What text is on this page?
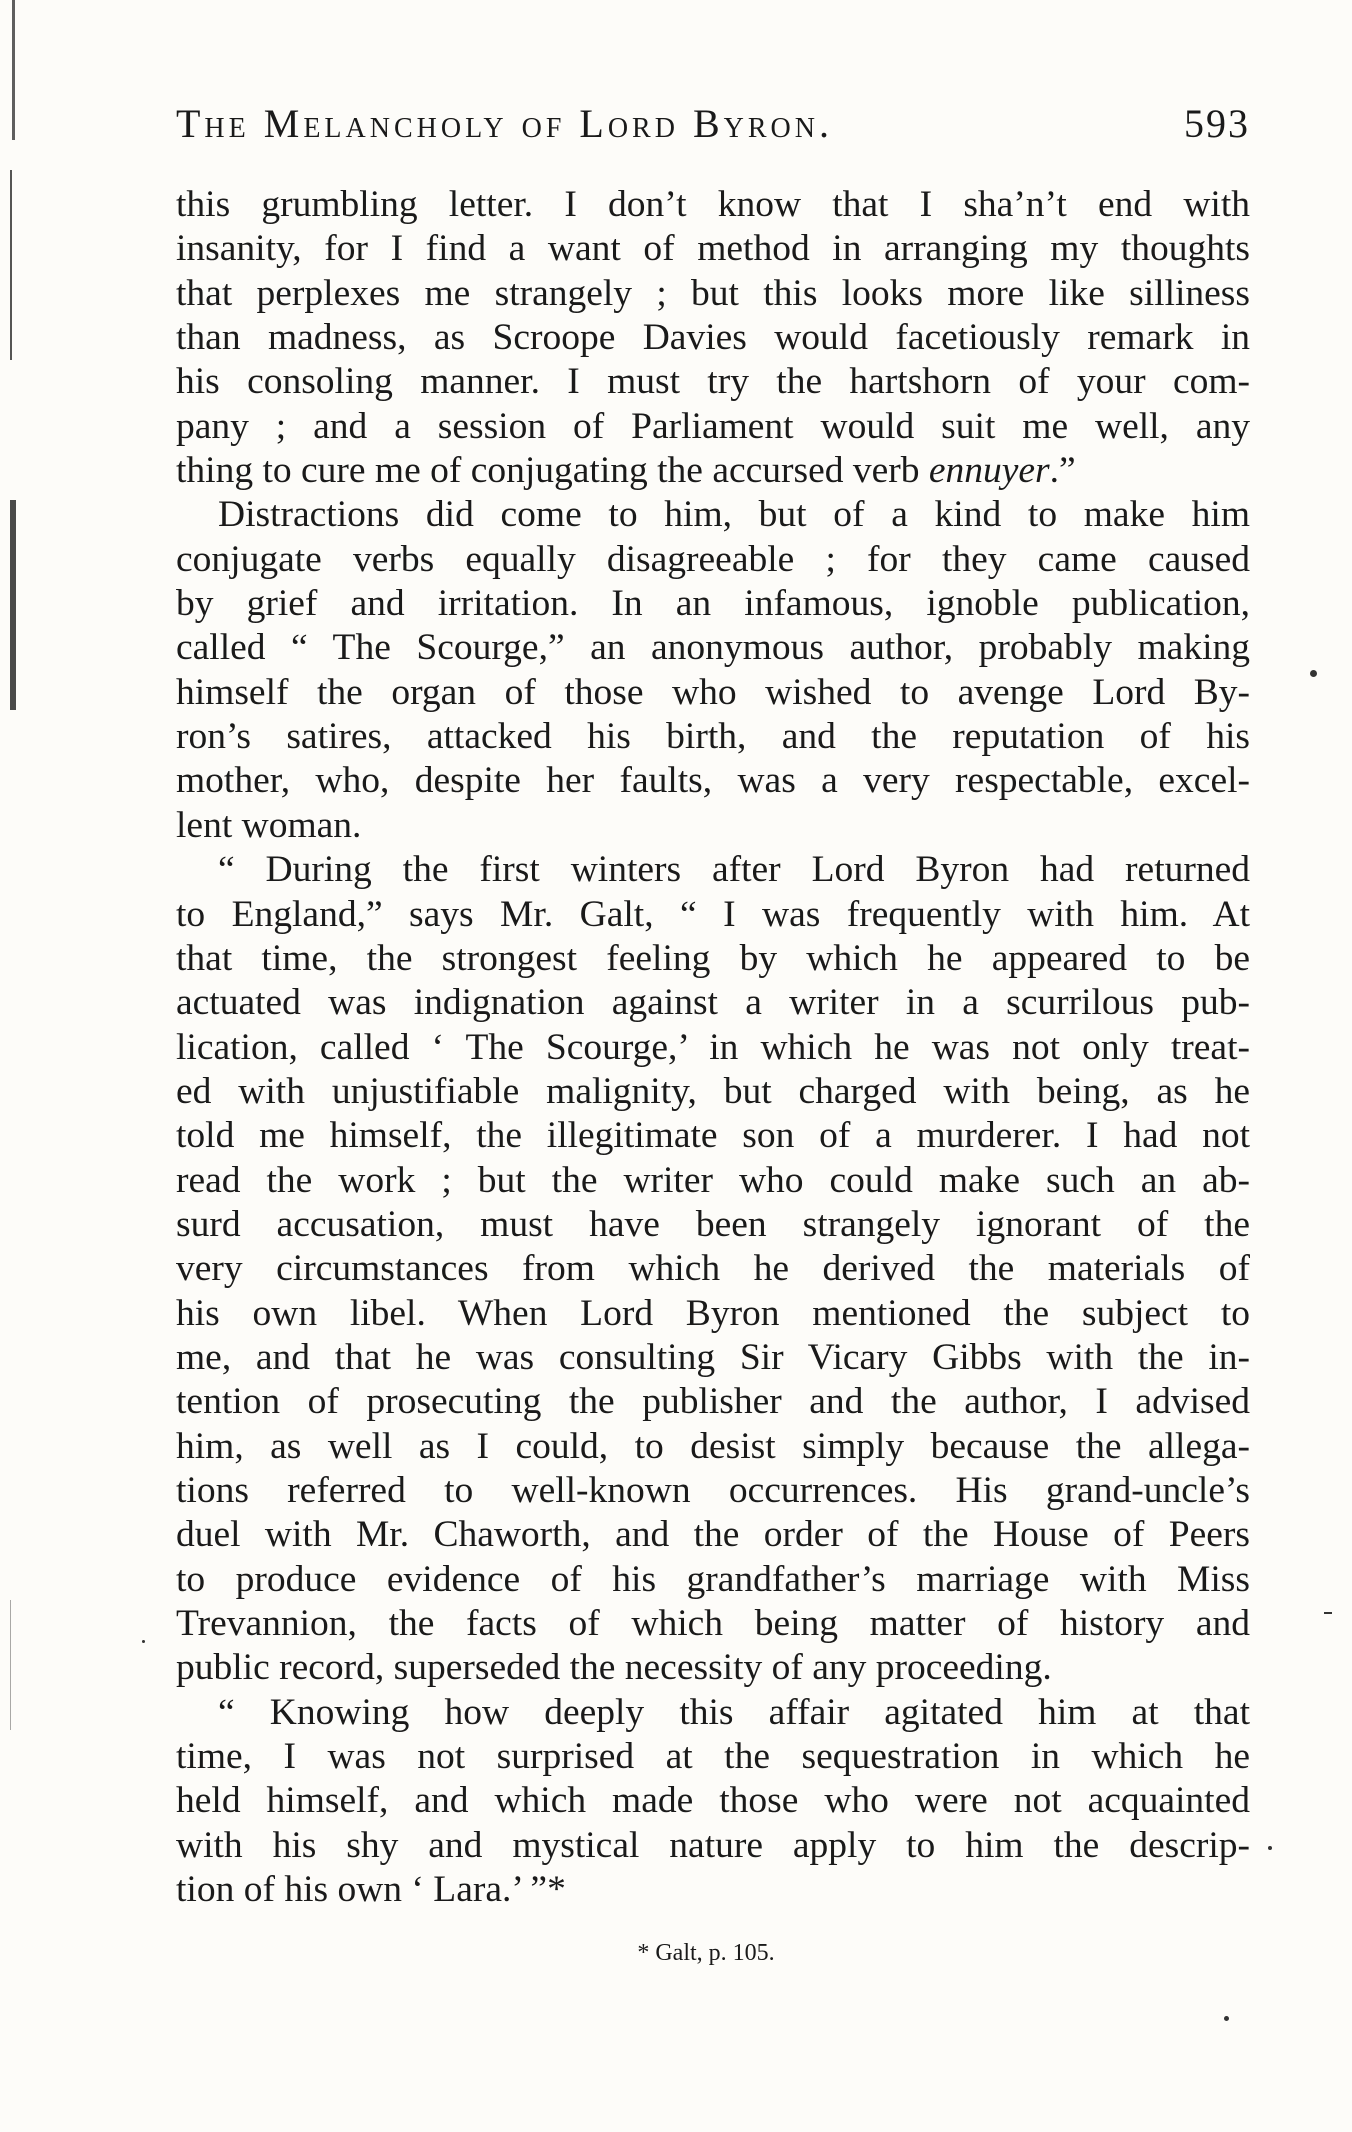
The Melancholy of Lord Byron.	593
this grumbling letter. I don’t know that I sha’n’t end with
insanity, for I find a want of method in arranging my thoughts
that perplexes me strangely ; but this looks more like silliness
than madness, as Scroope Davies would facetiously remark in
his consoling manner. I must try the hartshorn of your com-
pany ; and a session of Parliament would suit me well, any
thing to cure me of conjugating the accursed verb ennuyer.”
Distractions did come to him, but of a kind to make him
conjugate verbs equally disagreeable ; for they came caused
by grief and irritation. In an infamous, ignoble publication,
called “ The Scourge,” an anonymous author, probably making
himself the organ of those who wished to avenge Lord By-
ron’s satires, attacked his birth, and the reputation of his
mother, who, despite her faults, was a very respectable, excel-
lent woman.
“ During the first winters after Lord Byron had returned
to England,” says Mr. Galt, “ I was frequently with him. At
that time, the strongest feeling by which he appeared to be
actuated was indignation against a writer in a scurrilous pub-
lication, called ‘ The Scourge,’ in which he was not only treat-
ed with unjustifiable malignity, but charged with being, as he
told me himself, the illegitimate son of a murderer. I had not
read the work ; but the writer who could make such an ab-
surd accusation, must have been strangely ignorant of the
very circumstances from which he derived the materials of
his own libel. When Lord Byron mentioned the subject to
me, and that he was consulting Sir Vicary Gibbs with the in-
tention of prosecuting the publisher and the author, I advised
him, as well as I could, to desist simply because the allega-
tions referred to well-known occurrences. His grand-uncle’s
duel with Mr. Chaworth, and the order of the House of Peers
to produce evidence of his grandfather’s marriage with Miss
Trevannion, the facts of which being matter of history and
public record, superseded the necessity of any proceeding.
“ Knowing how deeply this affair agitated him at that
time, I was not surprised at the sequestration in which he
held himself, and which made those who were not acquainted
with his shy and mystical nature apply to him the descrip-
tion of his own ‘ Lara.’ ”*
* Galt, p. 105.
